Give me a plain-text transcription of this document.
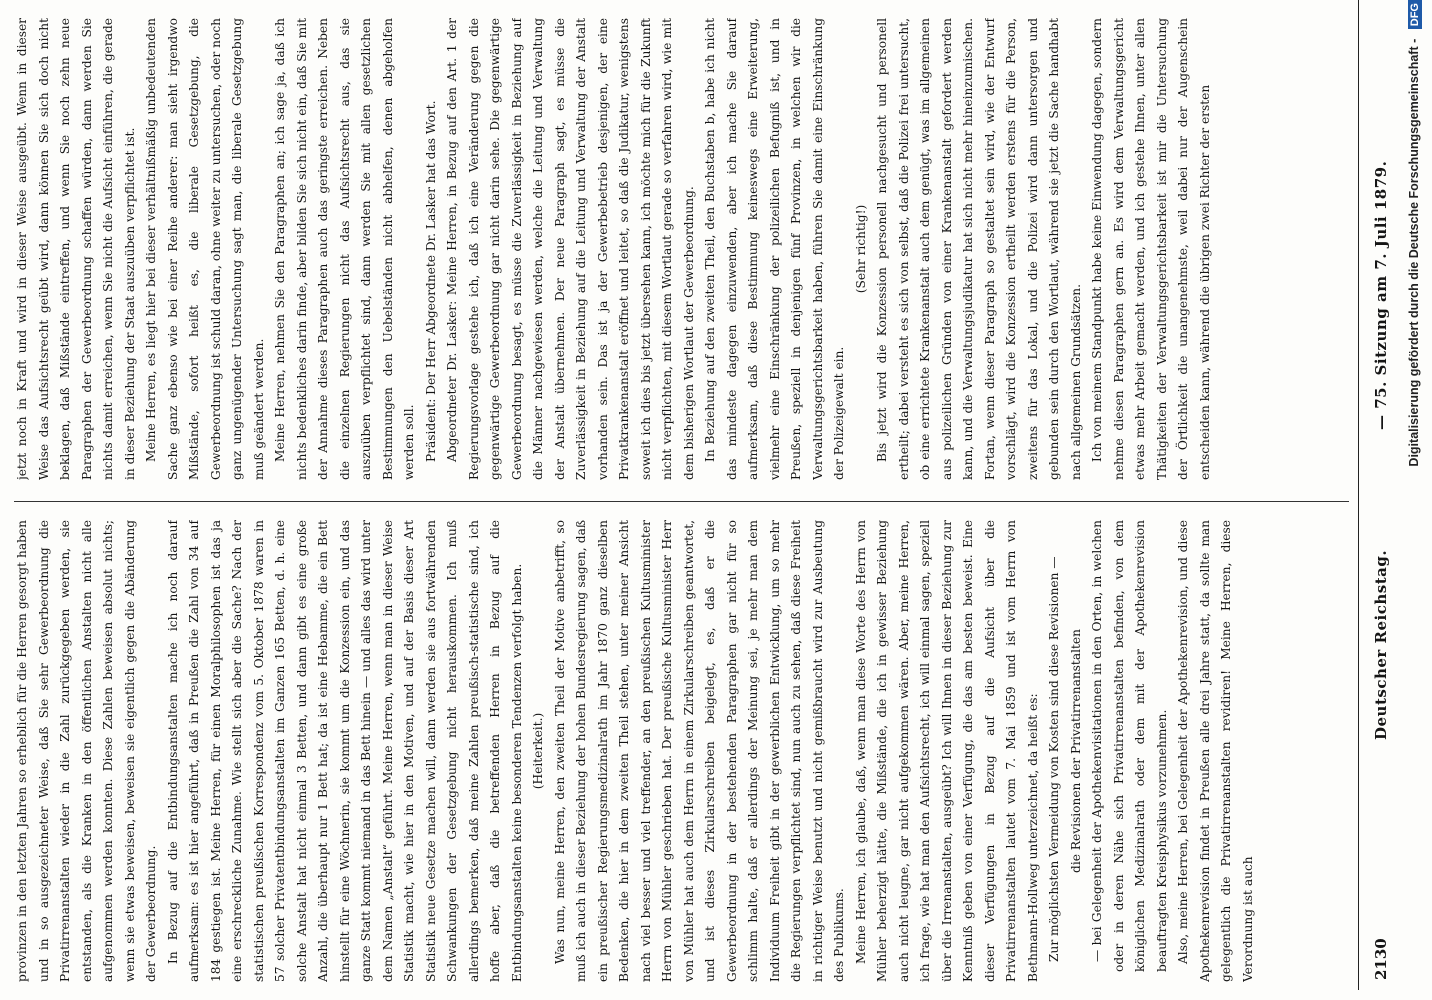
provinzen in den letzten Jahren so erheblich für die Herren gesorgt haben und in so ausgezeichneter Weise, daß Sie sehr Gewerbeordnung die Privatirrenanstalten wieder in die Zahl zurückgegeben werden, sie entstanden, als die Kranken in den öffentlichen Anstalten nicht alle aufgenommen werden konnten. Diese Zahlen beweisen absolut nichts; wenn sie etwas beweisen, beweisen sie eigentlich gegen die Abänderung der Gewerbeordnung. In Bezug auf die Entbindungsanstalten mache ich noch darauf aufmerksam: es ist hier angeführt, daß in Preußen die Zahl von 34 auf 184 gestiegen ist. Meine Herren, für einen Moralphilosophen ist das ja eine erschreckliche Zunahme. Wie stellt sich aber die Sache? Nach der statistischen preußischen Korrespondenz vom 5. Oktober 1878 waren in 57 solcher Privatentbindungsanstalten im Ganzen 165 Betten, d. h. eine solche Anstalt hat nicht einmal 3 Betten, und dann gibt es eine große Anzahl, die überhaupt nur 1 Bett hat; da ist eine Hebamme, die ein Bett hinstellt für eine Wöchnerin, sie kommt um die Konzession ein, und das ganze Statt kommt niemand in das Bett hinein — und alles das wird unter dem Namen „Anstalt“ geführt. Meine Herren, wenn man in dieser Weise Statistik macht, wie hier in den Motiven, und auf der Basis dieser Art Statistik neue Gesetze machen will, dann werden sie aus fortwährenden Schwankungen der Gesetzgebung nicht herauskommen. Ich muß allerdings bemerken, daß meine Zahlen preußisch-statistische sind, ich hoffe aber, daß die betreffenden Herren in Bezug auf die Entbindungsanstalten keine besonderen Tendenzen verfolgt haben. (Heiterkeit.) Was nun, meine Herren, den zweiten Theil der Motive anbetrifft, so muß ich auch in dieser Beziehung der hohen Bundesregierung sagen, daß ein preußischer Regierungsmedizinalrath im Jahr 1870 ganz dieselben Bedenken, die hier in dem zweiten Theil stehen, unter meiner Ansicht nach viel besser und viel treffender, an den preußischen Kultusminister Herrn von Mühler geschrieben hat. Der preußische Kultusminister Herr von Mühler hat auch dem Herrn in einem Zirkularschreiben geantwortet, und ist dieses Zirkularschreiben beigelegt, es, daß er die Gewerbeordnung in der bestehenden Paragraphen gar nicht für so schlimm halte, daß er allerdings der Meinung sei, je mehr man dem Individuum Freiheit gibt in der gewerblichen Entwicklung, um so mehr die Regierungen verpflichtet sind, nun auch zu sehen, daß diese Freiheit in richtiger Weise benutzt und nicht gemißbraucht wird zur Ausbeutung des Publikums. Meine Herren, ich glaube, daß, wenn man diese Worte des Herrn von Mühler beherzigt hätte, die Mißstände, die ich in gewisser Beziehung auch nicht leugne, gar nicht aufgekommen wären. Aber, meine Herren, ich frage, wie hat man den Aufsichtsrecht, ich will einmal sagen, speziell über die Irrenanstalten, ausgeübt? Ich will Ihnen in dieser Beziehung zur Kenntniß geben von einer Verfügung, die das am besten beweist. Eine dieser Verfügungen in Bezug auf die Aufsicht über die Privatirrenanstalten lautet vom 7. Mai 1859 und ist vom Herrn von Bethmann-Hollweg unterzeichnet, da heißt es: Zur möglichsten Vermeidung von Kosten sind diese Revisionen — die Revisionen der Privatirrenanstalten — bei Gelegenheit der Apothekenvisitationen in den Orten, in welchen oder in deren Nähe sich Privatirrenanstalten befinden, von dem königlichen Medizinalrath oder dem mit der Apothekenrevision beauftragten Kreisphysikus vorzunehmen. Also, meine Herren, bei Gelegenheit der Apothekenrevision, und diese Apothekenrevision findet in Preußen alle drei Jahre statt, da sollte man gelegentlich die Privatirrenanstalten revidiren! Meine Herren, diese Verordnung ist auch

jetzt noch in Kraft und wird in dieser Weise ausgeübt. Wenn in dieser Weise das Aufsichtsrecht geübt wird, dann können Sie sich doch nicht beklagen, daß Mißstände eintreffen, und wenn Sie noch zehn neue Paragraphen der Gewerbeordnung schaffen würden, dann werden Sie nichts damit erreichen, wenn Sie nicht die Aufsicht einführen, die gerade in dieser Beziehung der Staat auszuüben verpflichtet ist. Meine Herren, es liegt hier bei dieser verhältnißmäßig unbedeutenden Sache ganz ebenso wie bei einer Reihe anderer: man sieht irgendwo Mißstände, sofort heißt es, die liberale Gesetzgebung, die Gewerbeordnung ist schuld daran, ohne weiter zu untersuchen, oder noch ganz ungenügender Untersuchung sagt man, die liberale Gesetzgebung muß geändert werden. Meine Herren, nehmen Sie den Paragraphen an; ich sage ja, daß ich nichts bedenkliches darin finde, aber bilden Sie sich nicht ein, daß Sie mit der Annahme dieses Paragraphen auch das geringste erreichen. Neben die einzelnen Regierungen nicht das Aufsichtsrecht aus, das sie auszuüben verpflichtet sind, dann werden Sie mit allen gesetzlichen Bestimmungen den Uebelständen nicht abhelfen, denen abgeholfen werden soll. Präsident: Der Herr Abgeordnete Dr. Lasker hat das Wort. Abgeordneter Dr. Lasker: Meine Herren, in Bezug auf den Art. 1 der Regierungsvorlage gestehe ich, daß ich eine Veränderung gegen die gegenwärtige Gewerbeordnung gar nicht darin sehe. Die gegenwärtige Gewerbeordnung besagt, es müsse die Zuverlässigkeit in Beziehung auf die Männer nachgewiesen werden, welche die Leitung und Verwaltung der Anstalt übernehmen. Der neue Paragraph sagt, es müsse die Zuverlässigkeit in Beziehung auf die Leitung und Verwaltung der Anstalt vorhanden sein. Das ist ja der Gewerbebetrieb desjenigen, der eine Privatkrankenanstalt eröffnet und leitet, so daß die Judikatur, wenigstens soweit ich dies bis jetzt übersehen kann, ich möchte mich für die Zukunft nicht verpflichten, mit diesem Wortlaut gerade so verfahren wird, wie mit dem bisherigen Wortlaut der Gewerbeordnung. In Beziehung auf den zweiten Theil, den Buchstaben b, habe ich nicht das mindeste dagegen einzuwenden, aber ich mache Sie darauf aufmerksam, daß diese Bestimmung keineswegs eine Erweiterung, vielmehr eine Einschränkung der polizeilichen Befugniß ist, und in Preußen, speziell in denjenigen fünf Provinzen, in welchen wir die Verwaltungsgerichtsbarkeit haben, führen Sie damit eine Einschränkung der Polizeigewalt ein.

(Sehr richtig!) Bis jetzt wird die Konzession personell nachgesucht und personell ertheilt; dabei versteht es sich von selbst, daß die Polizei frei untersucht, ob eine errichtete Krankenanstalt auch dem genügt, was im allgemeinen aus polizeilichen Gründen von einer Krankenanstalt gefordert werden kann, und die Verwaltungsjudikatur hat sich nicht mehr hineinzumischen. Fortan, wenn dieser Paragraph so gestaltet sein wird, wie der Entwurf vorschlägt, wird die Konzession ertheilt werden erstens für die Person, zweitens für das Lokal, und die Polizei wird dann untersorgen und gebunden sein durch den Wortlaut, während sie jetzt die Sache handhabt nach allgemeinen Grundsätzen. Ich von meinem Standpunkt habe keine Einwendung dagegen, sondern nehme diesen Paragraphen gern an. Es wird dem Verwaltungsgericht etwas mehr Arbeit gemacht werden, und ich gestehe Ihnen, unter allen Thätigkeiten der Verwaltungsgerichtsbarkeit ist mir die Untersuchung der Örtlichkeit die unangenehmste, weil dabei nur der Augenschein entscheiden kann, während die übrigen zwei Richter der ersten

2130
Deutscher Reichstag.
— 75. Sitzung am 7. Juli 1879. Digitalisierung gefördert durch die Deutsche Forschungsgemeinschaft - DFG
